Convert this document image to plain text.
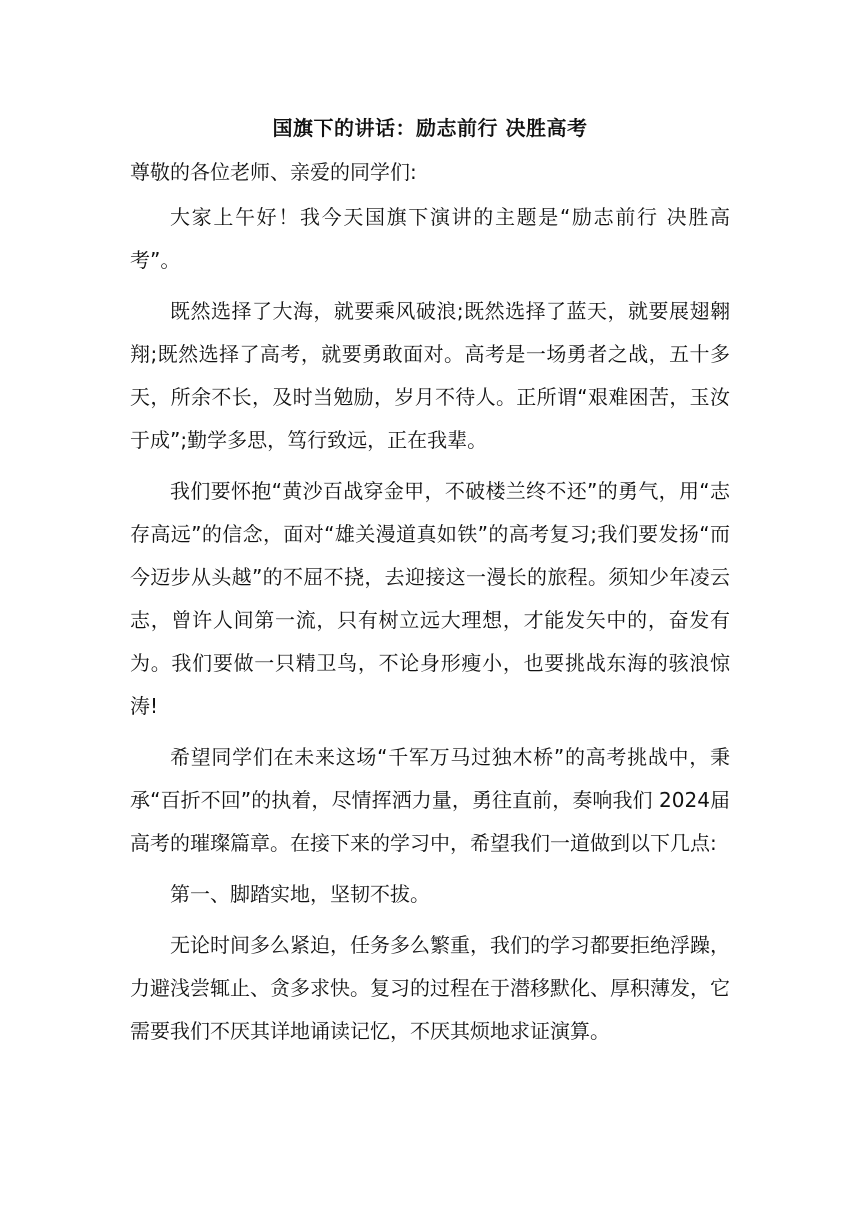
国旗下的讲话：励志前行 决胜高考

尊敬的各位老师、亲爱的同学们:

大家上午好！我今天国旗下演讲的主题是“励志前行 决胜高考”。

既然选择了大海，就要乘风破浪;既然选择了蓝天，就要展翅翱翔;既然选择了高考，就要勇敢面对。高考是一场勇者之战，五十多天，所余不长，及时当勉励，岁月不待人。正所谓“艰难困苦，玉汝于成”;勤学多思，笃行致远，正在我辈。

我们要怀抱“黄沙百战穿金甲，不破楼兰终不还”的勇气，用“志存高远”的信念，面对“雄关漫道真如铁”的高考复习;我们要发扬“而今迈步从头越”的不屈不挠，去迎接这一漫长的旅程。须知少年凌云志，曾许人间第一流，只有树立远大理想，才能发矢中的，奋发有为。我们要做一只精卫鸟，不论身形瘦小，也要挑战东海的骇浪惊涛!

希望同学们在未来这场“千军万马过独木桥”的高考挑战中，秉承“百折不回”的执着，尽情挥洒力量，勇往直前，奏响我们 2024届高考的璀璨篇章。在接下来的学习中，希望我们一道做到以下几点:

第一、脚踏实地，坚韧不拔。

无论时间多么紧迫，任务多么繁重，我们的学习都要拒绝浮躁，力避浅尝辄止、贪多求快。复习的过程在于潜移默化、厚积薄发，它需要我们不厌其详地诵读记忆，不厌其烦地求证演算。
